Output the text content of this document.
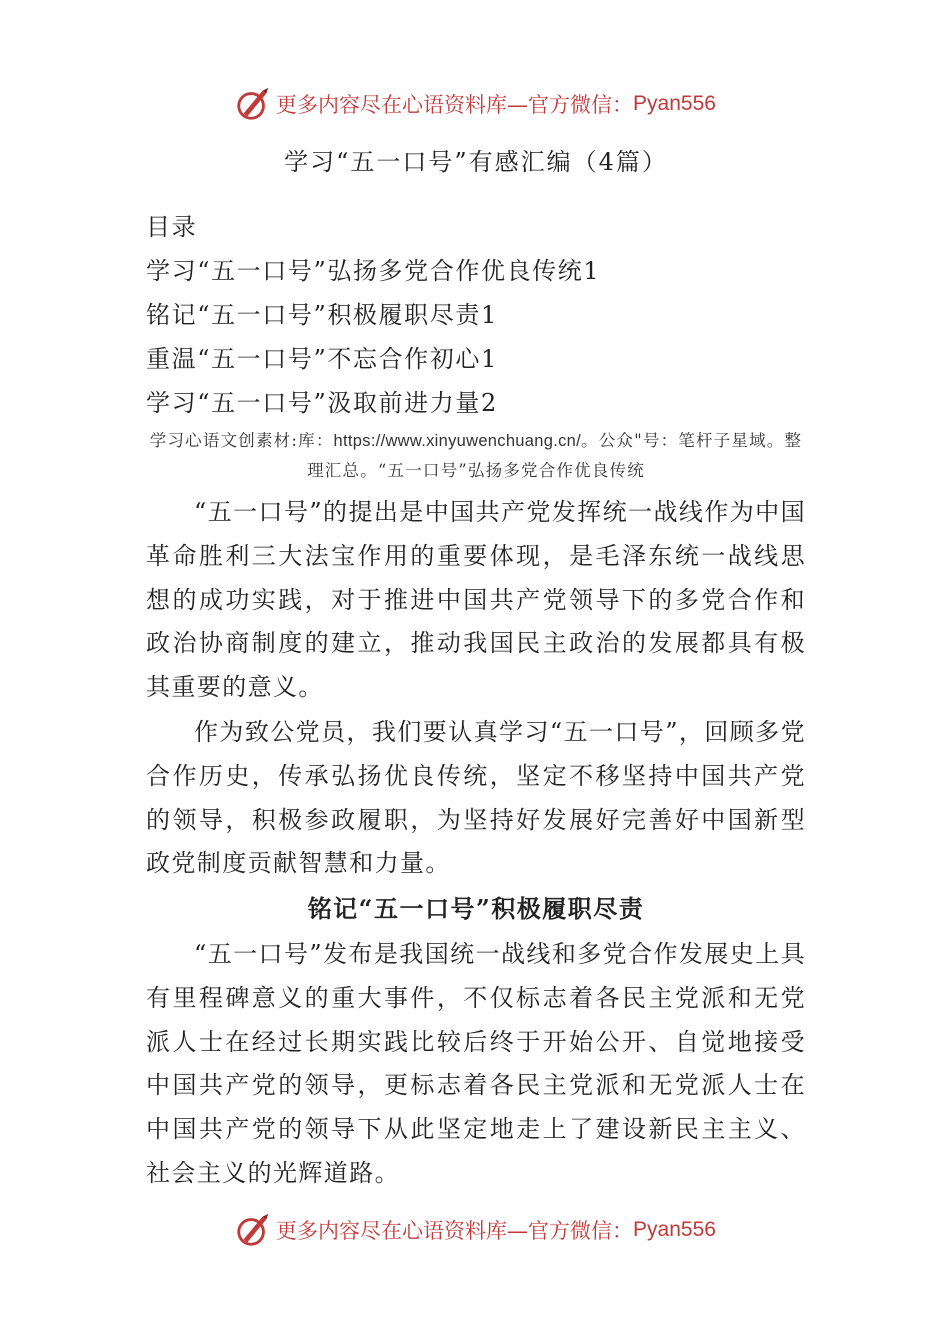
更多内容尽在心语资料库—官方微信： Pyan556
学习“五一口号”有感汇编（4篇）
目录
学习“五一口号”弘扬多党合作优良传统1
铭记“五一口号”积极履职尽责1
重温“五一口号”不忘合作初心1
学习“五一口号”汲取前进力量2
学习心语文创素材:库：https://www.xinyuwenchuang.cn/。公众"号：笔杆子星域。整理汇总。“五一口号”弘扬多党合作优良传统

“五一口号”的提出是中国共产党发挥统一战线作为中国革命胜利三大法宝作用的重要体现，是毛泽东统一战线思想的成功实践，对于推进中国共产党领导下的多党合作和政治协商制度的建立，推动我国民主政治的发展都具有极其重要的意义。

作为致公党员，我们要认真学习“五一口号”，回顾多党合作历史，传承弘扬优良传统，坚定不移坚持中国共产党的领导，积极参政履职，为坚持好发展好完善好中国新型政党制度贡献智慧和力量。

铭记“五一口号”积极履职尽责

“五一口号”发布是我国统一战线和多党合作发展史上具有里程碑意义的重大事件，不仅标志着各民主党派和无党派人士在经过长期实践比较后终于开始公开、自觉地接受中国共产党的领导，更标志着各民主党派和无党派人士在中国共产党的领导下从此坚定地走上了建设新民主主义、社会主义的光辉道路。

更多内容尽在心语资料库—官方微信： Pyan556
